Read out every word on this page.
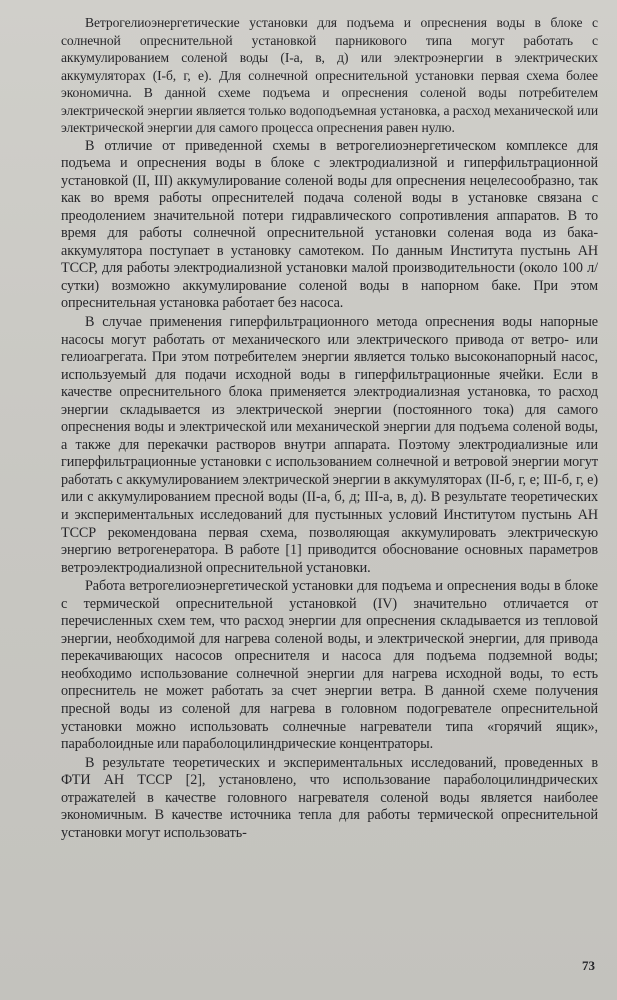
Ветрогелиоэнергетические установки для подъема и опреснения воды в блоке с солнечной опреснительной установкой парникового типа могут работать с аккумулированием соленой воды (I-а, в, д) или электроэнергии в электрических аккумуляторах (I-б, г, е). Для солнечной опреснительной установки первая схема более экономична. В данной схеме подъема и опреснения соленой воды потребителем электрической энергии является только водоподъемная установка, а расход механической или электрической энергии для самого процесса опреснения равен нулю.

В отличие от приведенной схемы в ветрогелиоэнергетическом комплексе для подъема и опреснения воды в блоке с электродиализной и гиперфильтрационной установкой (II, III) аккумулирование соленой воды для опреснения нецелесообразно, так как во время работы опреснителей подача соленой воды в установке связана с преодолением значительной потери гидравлического сопротивления аппаратов. В то время для работы солнечной опреснительной установки соленая вода из бака-аккумулятора поступает в установку самотеком. По данным Института пустынь АН ТССР, для работы электродиализной установки малой производительности (около 100 л/сутки) возможно аккумулирование соленой воды в напорном баке. При этом опреснительная установка работает без насоса.

В случае применения гиперфильтрационного метода опреснения воды напорные насосы могут работать от механического или электрического привода от ветро- или гелиоагрегата. При этом потребителем энергии является только высоконапорный насос, используемый для подачи исходной воды в гиперфильтрационные ячейки. Если в качестве опреснительного блока применяется электродиализная установка, то расход энергии складывается из электрической энергии (постоянного тока) для самого опреснения воды и электрической или механической энергии для подъема соленой воды, а также для перекачки растворов внутри аппарата. Поэтому электродиализные или гиперфильтрационные установки с использованием солнечной и ветровой энергии могут работать с аккумулированием электрической энергии в аккумуляторах (II-б, г, е; III-б, г, е) или с аккумулированием пресной воды (II-а, б, д; III-а, в, д). В результате теоретических и экспериментальных исследований для пустынных условий Институтом пустынь АН ТССР рекомендована первая схема, позволяющая аккумулировать электрическую энергию ветрогенератора. В работе [1] приводится обоснование основных параметров ветроэлектродиализной опреснительной установки.

Работа ветрогелиоэнергетической установки для подъема и опреснения воды в блоке с термической опреснительной установкой (IV) значительно отличается от перечисленных схем тем, что расход энергии для опреснения складывается из тепловой энергии, необходимой для нагрева соленой воды, и электрической энергии, для привода перекачивающих насосов опреснителя и насоса для подъема подземной воды; необходимо использование солнечной энергии для нагрева исходной воды, то есть опреснитель не может работать за счет энергии ветра. В данной схеме получения пресной воды из соленой для нагрева в головном подогревателе опреснительной установки можно использовать солнечные нагреватели типа «горячий ящик», параболоидные или параболоцилиндрические концентраторы.

В результате теоретических и экспериментальных исследований, проведенных в ФТИ АН ТССР [2], установлено, что использование параболоцилиндрических отражателей в качестве головного нагревателя соленой воды является наиболее экономичным. В качестве источника тепла для работы термической опреснительной установки могут использовать-

73
